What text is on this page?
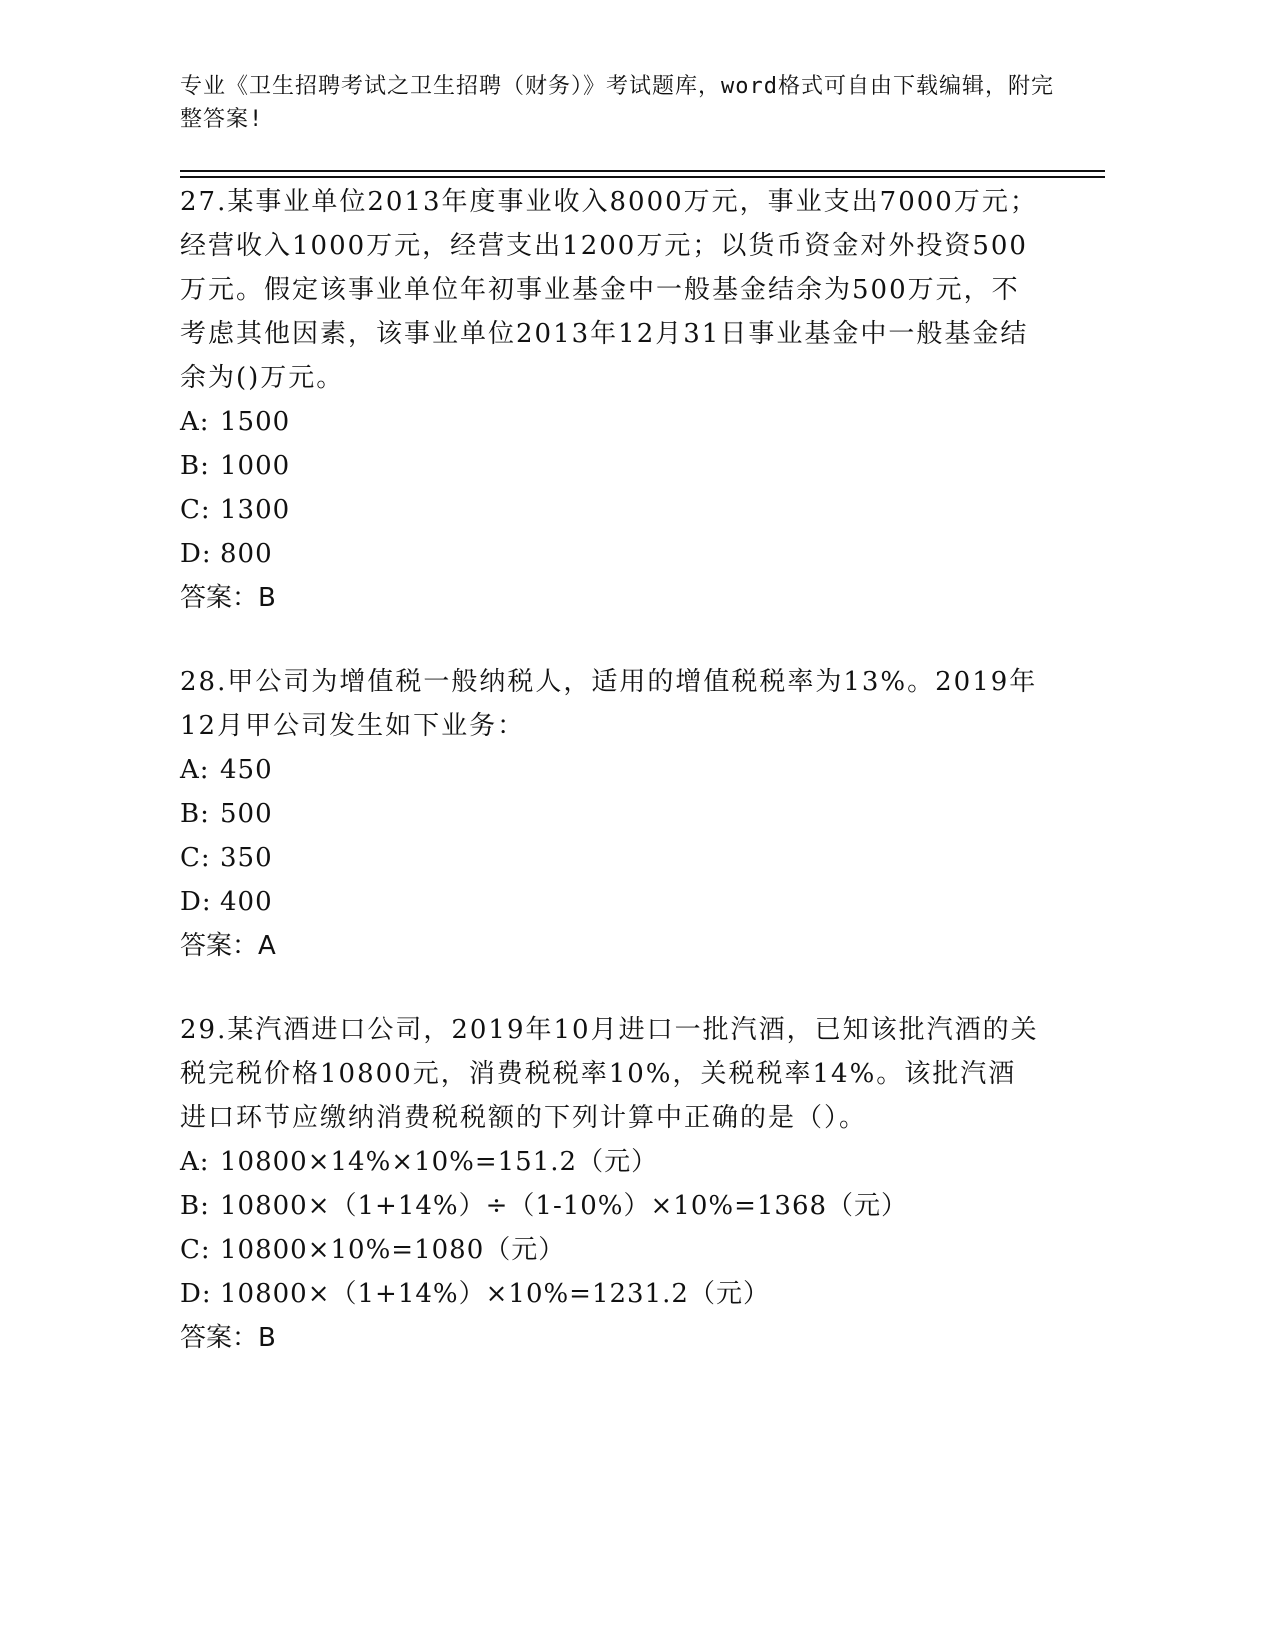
专业《卫生招聘考试之卫生招聘（财务）》考试题库，word格式可自由下载编辑，附完整答案!

27.某事业单位2013年度事业收入8000万元，事业支出7000万元；经营收入1000万元，经营支出1200万元；以货币资金对外投资500万元。假定该事业单位年初事业基金中一般基金结余为500万元，不考虑其他因素，该事业单位2013年12月31日事业基金中一般基金结余为()万元。

A: 1500
B: 1000
C: 1300
D: 800
答案：B

28.甲公司为增值税一般纳税人，适用的增值税税率为13%。2019年12月甲公司发生如下业务：

A: 450
B: 500
C: 350
D: 400
答案：A

29.某汽酒进口公司，2019年10月进口一批汽酒，已知该批汽酒的关税完税价格10800元，消费税税率10%，关税税率14%。该批汽酒进口环节应缴纳消费税税额的下列计算中正确的是（）。

A: 10800×14%×10%=151.2（元）
B: 10800×（1+14%）÷（1-10%）×10%=1368（元）
C: 10800×10%=1080（元）
D: 10800×（1+14%）×10%=1231.2（元）
答案：B
